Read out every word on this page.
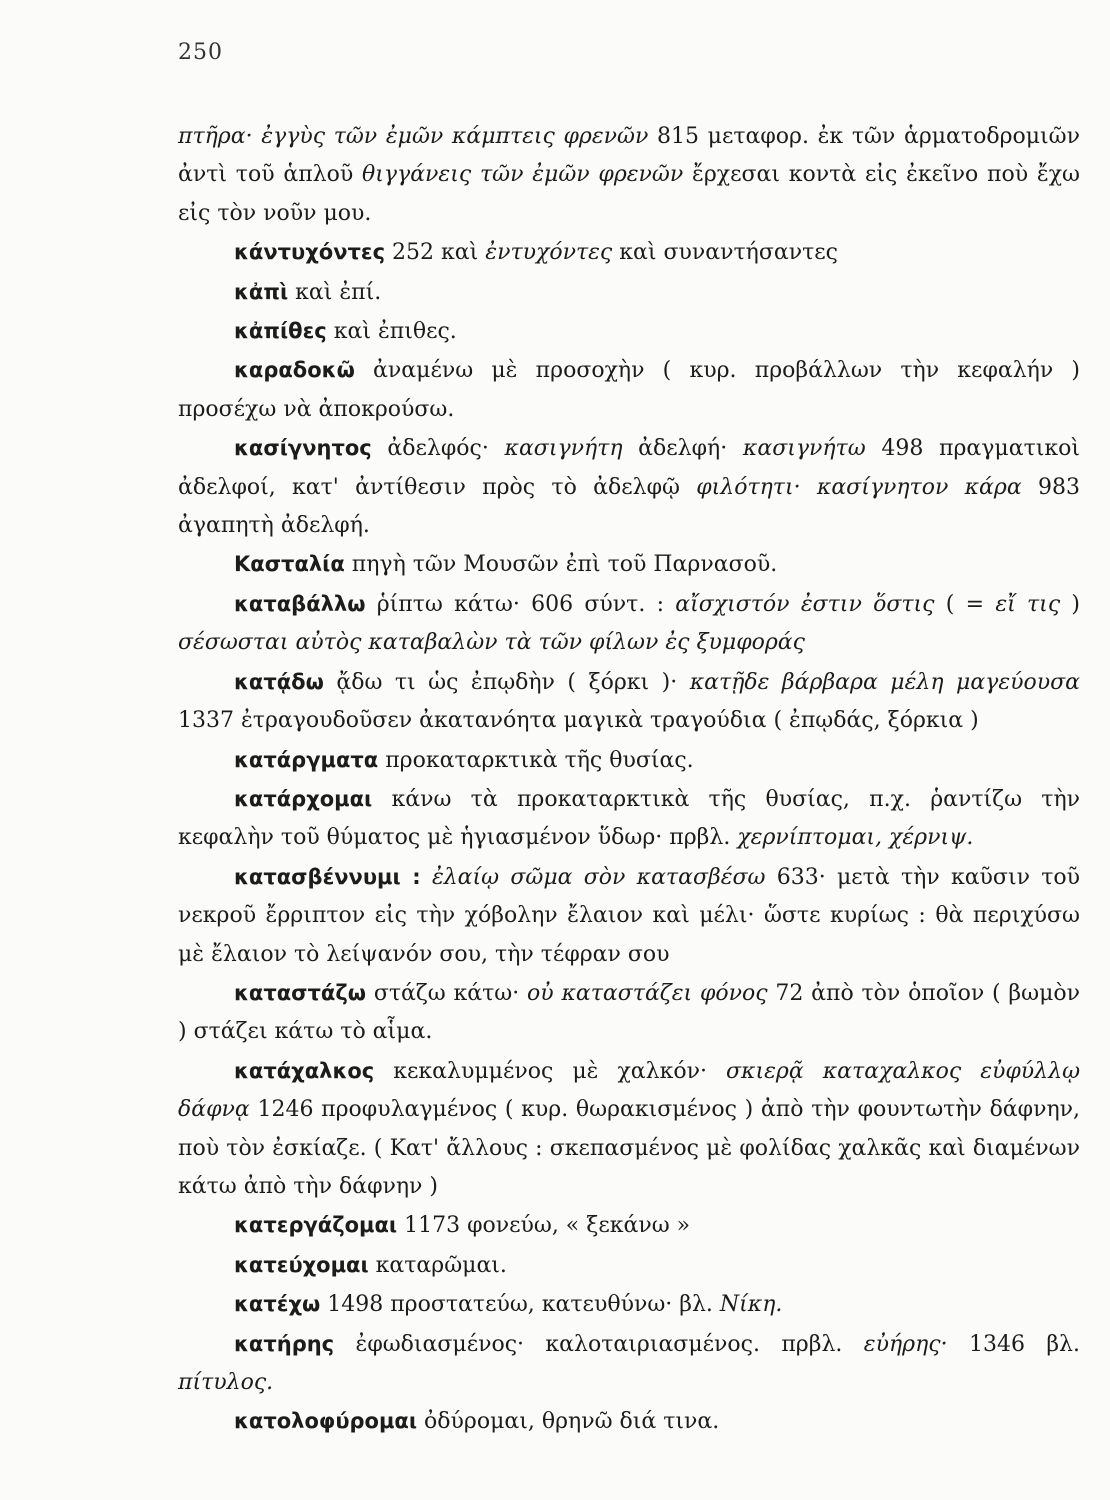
250

πτῆρα· ἐγγὺς τῶν ἐμῶν κάμπτεις φρενῶν 815 μεταφορ. ἐκ τῶν ἁρματοδρομιῶν ἀντὶ τοῦ ἁπλοῦ θιγγάνεις τῶν ἐμῶν φρενῶν ἔρχεσαι κοντὰ εἰς ἐκεῖνο ποὺ ἔχω εἰς τὸν νοῦν μου.

κάντυχόντες 252 καὶ ἐντυχόντες καὶ συναντήσαντες

κἀπὶ καὶ ἐπί.

κἀπίθες καὶ ἐπιθες.

καραδοκῶ ἀναμένω μὲ προσοχὴν ( κυρ. προβάλλων τὴν κεφαλήν ) προσέχω νὰ ἀποκρούσω.

κασίγνητος ἀδελφός· κασιγνήτη ἀδελφή· κασιγνήτω 498 πραγματικοὶ ἀδελφοί, κατ' ἀντίθεσιν πρὸς τὸ ἀδελφῷ φιλότητι· κασίγνητον κάρα 983 ἀγαπητὴ ἀδελφή.

Κασταλία πηγὴ τῶν Μουσῶν ἐπὶ τοῦ Παρνασοῦ.

καταβάλλω ῥίπτω κάτω· 606 σύντ. : αἴσχιστόν ἐστιν ὅστις ( = εἴ τις ) σέσωσται αὐτὸς καταβαλὼν τὰ τῶν φίλων ἐς ξυμφοράς

κατᾴδω ᾄδω τι ὡς ἐπῳδὴν ( ξόρκι )· κατῇδε βάρβαρα μέλη μαγεύουσα 1337 ἐτραγουδοῦσεν ἀκατανόητα μαγικὰ τραγούδια ( ἐπῳδάς, ξόρκια )

κατάργματα προκαταρκτικὰ τῆς θυσίας.

κατάρχομαι κάνω τὰ προκαταρκτικὰ τῆς θυσίας, π.χ. ῥαντίζω τὴν κεφαλὴν τοῦ θύματος μὲ ἡγιασμένον ὕδωρ· πρβλ. χερνίπτομαι, χέρνιψ.

κατασβέννυμι : ἐλαίῳ σῶμα σὸν κατασβέσω 633· μετὰ τὴν καῦσιν τοῦ νεκροῦ ἔρριπτον εἰς τὴν χόβολην ἔλαιον καὶ μέλι· ὥστε κυρίως : θὰ περιχύσω μὲ ἔλαιον τὸ λείψανόν σου, τὴν τέφραν σου

καταστάζω στάζω κάτω· οὐ καταστάζει φόνος 72 ἀπὸ τὸν ὁποῖον ( βωμὸν ) στάζει κάτω τὸ αἷμα.

κατάχαλκος κεκαλυμμένος μὲ χαλκόν· σκιερᾷ καταχαλκος εὐφύλλῳ δάφνᾳ 1246 προφυλαγμένος ( κυρ. θωρακισμένος ) ἀπὸ τὴν φουντωτὴν δάφνην, ποὺ τὸν ἐσκίαζε. ( Κατ' ἄλλους : σκεπασμένος μὲ φολίδας χαλκᾶς καὶ διαμένων κάτω ἀπὸ τὴν δάφνην )

κατεργάζομαι 1173 φονεύω, « ξεκάνω »

κατεύχομαι καταρῶμαι.

κατέχω 1498 προστατεύω, κατευθύνω· βλ. Νίκη.

κατήρης ἐφωδιασμένος· καλοταιριασμένος. πρβλ. εὐήρης· 1346 βλ. πίτυλος.

κατολοφύρομαι ὀδύρομαι, θρηνῶ διά τινα.
